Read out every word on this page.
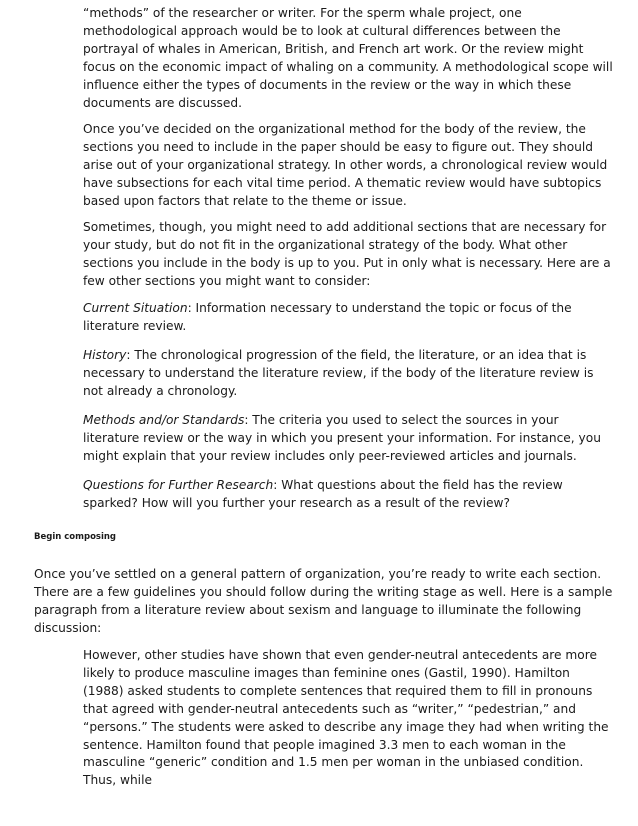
“methods” of the researcher or writer. For the sperm whale project, one methodological approach would be to look at cultural differences between the portrayal of whales in American, British, and French art work. Or the review might focus on the economic impact of whaling on a community. A methodological scope will influence either the types of documents in the review or the way in which these documents are discussed.

Once you’ve decided on the organizational method for the body of the review, the sections you need to include in the paper should be easy to figure out. They should arise out of your organizational strategy. In other words, a chronological review would have subsections for each vital time period. A thematic review would have subtopics based upon factors that relate to the theme or issue.

Sometimes, though, you might need to add additional sections that are necessary for your study, but do not fit in the organizational strategy of the body. What other sections you include in the body is up to you. Put in only what is necessary. Here are a few other sections you might want to consider:

Current Situation: Information necessary to understand the topic or focus of the literature review.

History: The chronological progression of the field, the literature, or an idea that is necessary to understand the literature review, if the body of the literature review is not already a chronology.

Methods and/or Standards: The criteria you used to select the sources in your literature review or the way in which you present your information. For instance, you might explain that your review includes only peer-reviewed articles and journals.

Questions for Further Research: What questions about the field has the review sparked? How will you further your research as a result of the review?

Begin composing

Once you’ve settled on a general pattern of organization, you’re ready to write each section. There are a few guidelines you should follow during the writing stage as well. Here is a sample paragraph from a literature review about sexism and language to illuminate the following discussion:

However, other studies have shown that even gender-neutral antecedents are more likely to produce masculine images than feminine ones (Gastil, 1990). Hamilton (1988) asked students to complete sentences that required them to fill in pronouns that agreed with gender-neutral antecedents such as “writer,” “pedestrian,” and “persons.” The students were asked to describe any image they had when writing the sentence. Hamilton found that people imagined 3.3 men to each woman in the masculine “generic” condition and 1.5 men per woman in the unbiased condition. Thus, while
